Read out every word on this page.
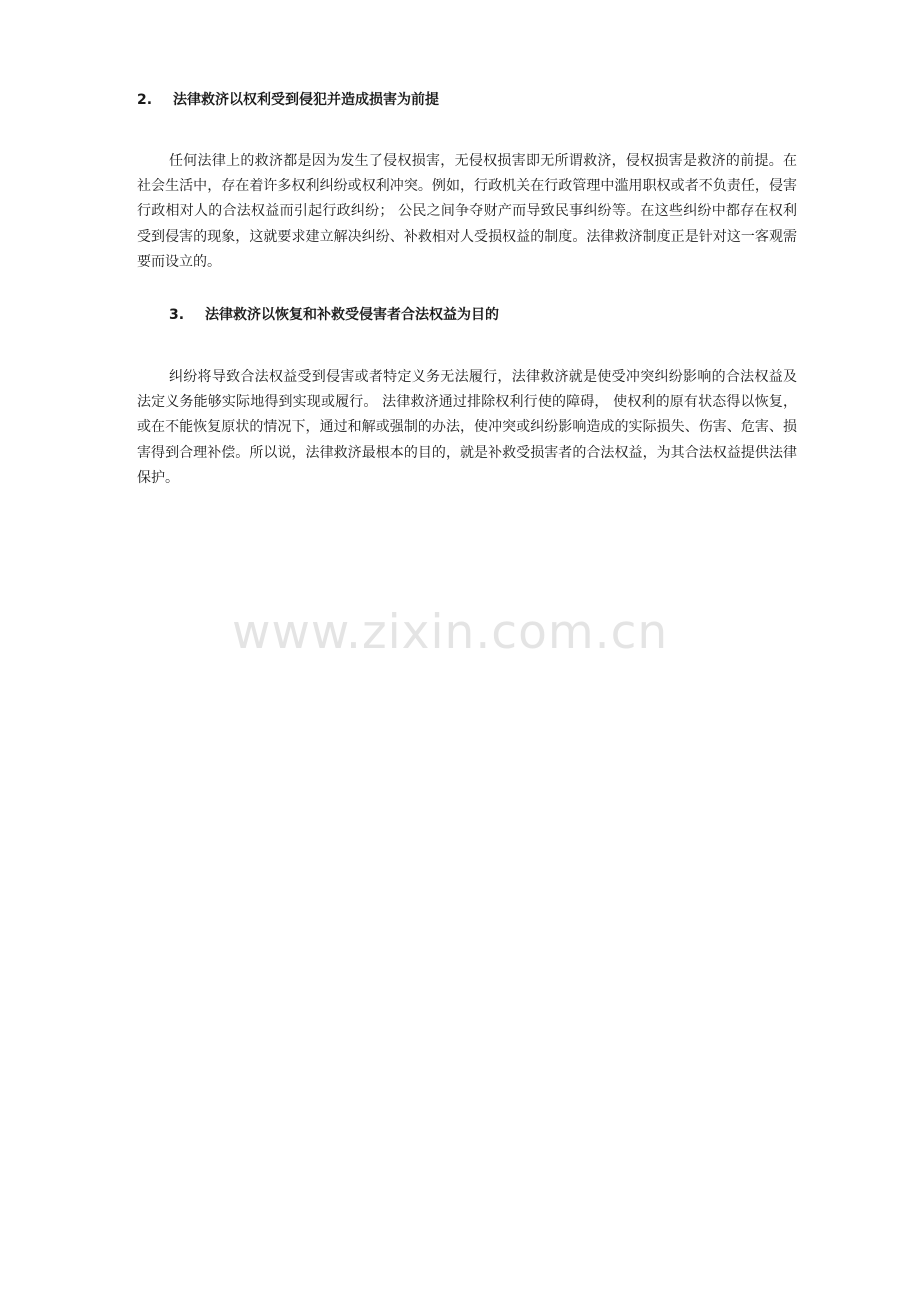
2. 法律救济以权利受到侵犯并造成损害为前提

任何法律上的救济都是因为发生了侵权损害，无侵权损害即无所谓救济，侵权损害是救济的前提。在社会生活中，存在着许多权利纠纷或权利冲突。例如，行政机关在行政管理中滥用职权或者不负责任，侵害行政相对人的合法权益而引起行政纠纷； 公民之间争夺财产而导致民事纠纷等。在这些纠纷中都存在权利受到侵害的现象，这就要求建立解决纠纷、补救相对人受损权益的制度。法律救济制度正是针对这一客观需要而设立的。

3. 法律救济以恢复和补救受侵害者合法权益为目的

纠纷将导致合法权益受到侵害或者特定义务无法履行，法律救济就是使受冲突纠纷影响的合法权益及法定义务能够实际地得到实现或履行。 法律救济通过排除权利行使的障碍， 使权利的原有状态得以恢复，或在不能恢复原状的情况下，通过和解或强制的办法，使冲突或纠纷影响造成的实际损失、伤害、危害、损害得到合理补偿。所以说，法律救济最根本的目的，就是补救受损害者的合法权益，为其合法权益提供法律保护。

www.zixin.com.cn
